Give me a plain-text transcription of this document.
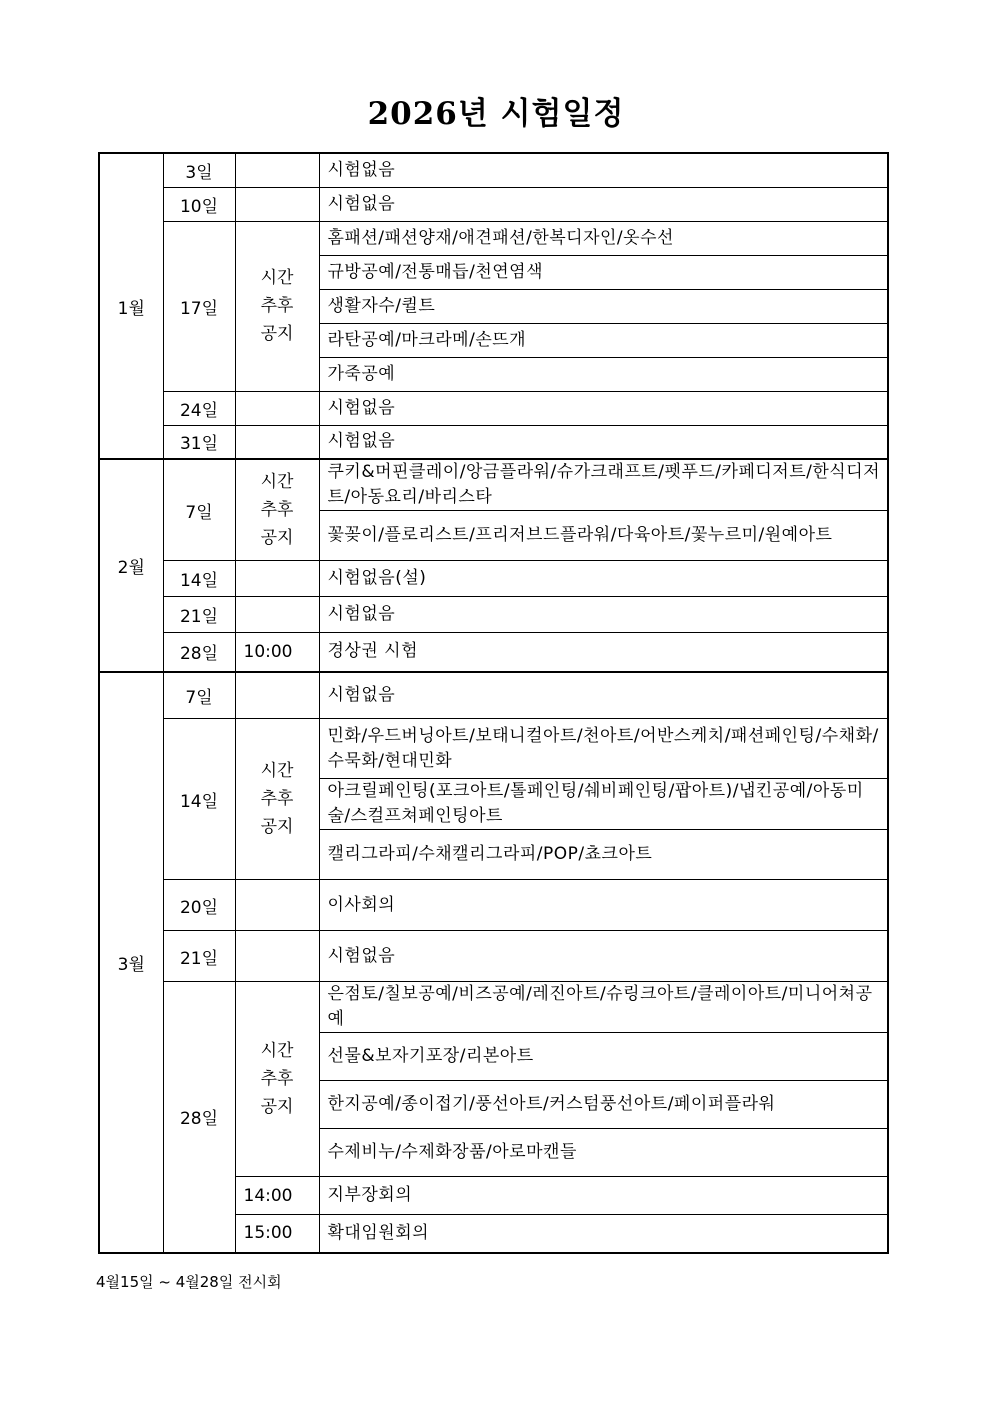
2026년 시험일정
1월	3일		시험없음
	10일		시험없음
	17일	시간
추후
공지	홈패션/패션양재/애견패션/한복디자인/옷수선
			규방공예/전통매듭/천연염색
			생활자수/퀼트
			라탄공예/마크라메/손뜨개
			가죽공예
	24일		시험없음
	31일		시험없음
2월	7일	시간
추후
공지	쿠키&머핀클레이/앙금플라워/슈가크래프트/펫푸드/카페디저트/한식디저트/아동요리/바리스타
			꽃꽂이/플로리스트/프리저브드플라워/다육아트/꽃누르미/원예아트
	14일		시험없음(설)
	21일		시험없음
	28일	10:00	경상권 시험
3월	7일		시험없음
	14일	시간
추후
공지	민화/우드버닝아트/보태니컬아트/천아트/어반스케치/패션페인팅/수채화/수묵화/현대민화
			아크릴페인팅(포크아트/톨페인팅/쉐비페인팅/팝아트)/냅킨공예/아동미술/스컬프쳐페인팅아트
			캘리그라피/수채캘리그라피/POP/쵸크아트
	20일		이사회의
	21일		시험없음
	28일	시간
추후
공지	은점토/칠보공예/비즈공예/레진아트/슈링크아트/클레이아트/미니어쳐공예
			선물&보자기포장/리본아트
			한지공예/종이접기/풍선아트/커스텀풍선아트/페이퍼플라워
			수제비누/수제화장품/아로마캔들
		14:00	지부장회의
		15:00	확대임원회의
4월15일 ~ 4월28일 전시회
